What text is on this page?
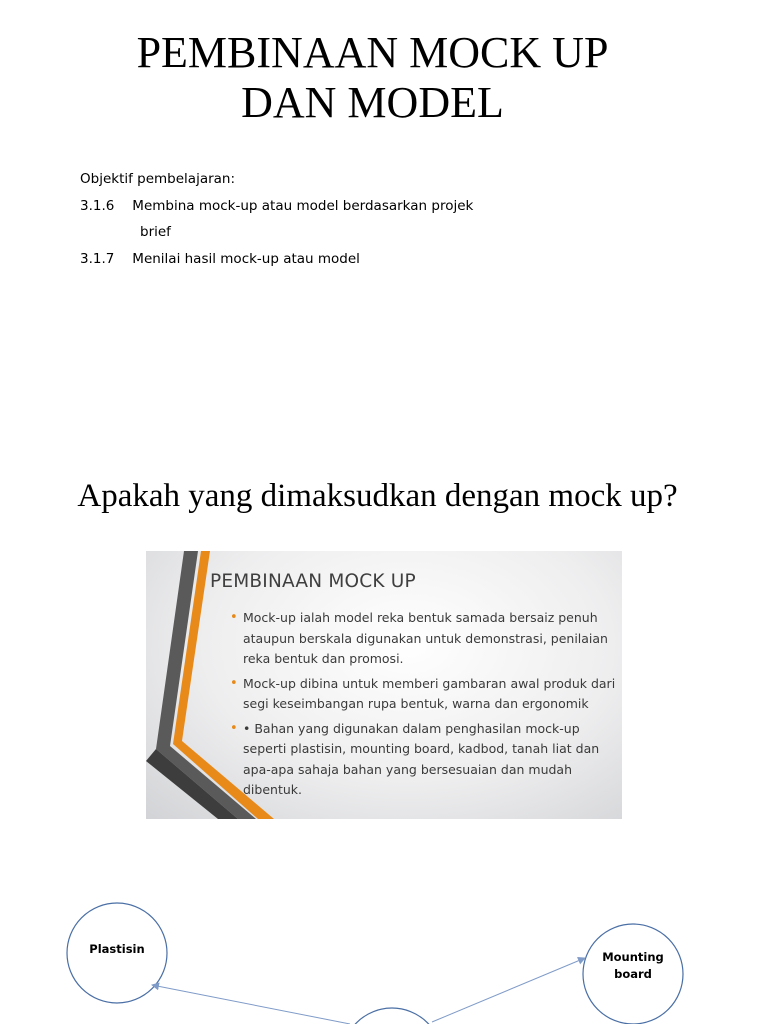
PEMBINAAN MOCK UP
DAN MODEL
Objektif pembelajaran:
3.1.6 Membina mock-up atau model berdasarkan projek
brief
3.1.7 Menilai hasil mock-up atau model
Apakah yang dimaksudkan dengan mock up?
PEMBINAAN MOCK UP
• Mock-up ialah model reka bentuk samada bersaiz penuh ataupun berskala digunakan untuk demonstrasi, penilaian reka bentuk dan promosi.
• Mock-up dibina untuk memberi gambaran awal produk dari segi keseimbangan rupa bentuk, warna dan ergonomik
• • Bahan yang digunakan dalam penghasilan mock-up seperti plastisin, mounting board, kadbod, tanah liat dan apa-apa sahaja bahan yang bersesuaian dan mudah dibentuk.
Plastisin
Mounting board
